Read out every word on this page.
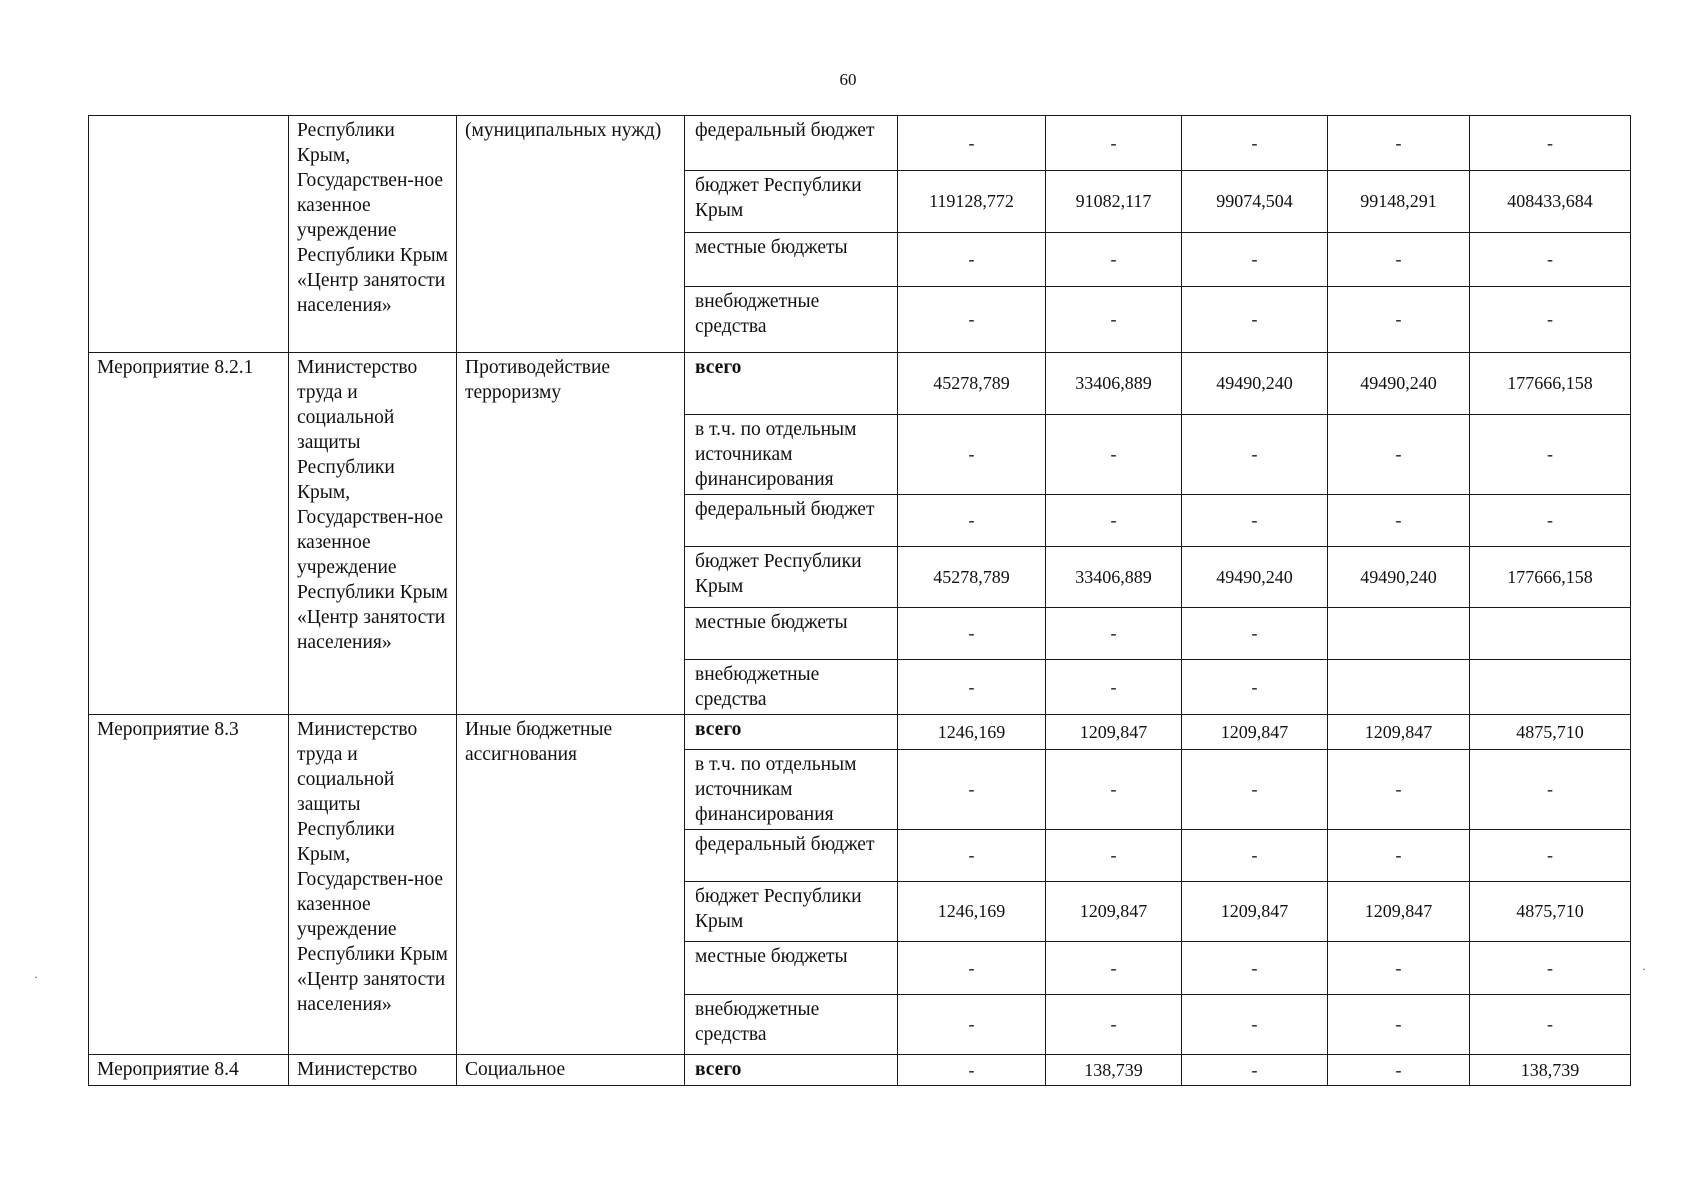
60
	Республики Крым, Государствен-ное казенное учреждение Республики Крым «Центр занятости населения»	(муниципальных нужд)	федеральный бюджет	-	-	-	-	-
			бюджет Республики Крым	119128,772	91082,117	99074,504	99148,291	408433,684
			местные бюджеты	-	-	-	-	-
			внебюджетные средства	-	-	-	-	-
Мероприятие 8.2.1	Министерство труда и социальной защиты Республики Крым, Государствен-ное казенное учреждение Республики Крым «Центр занятости населения»	Противодействие терроризму	всего	45278,789	33406,889	49490,240	49490,240	177666,158
			в т.ч. по отдельным источникам финансирования	-	-	-	-	-
			федеральный бюджет	-	-	-	-	-
			бюджет Республики Крым	45278,789	33406,889	49490,240	49490,240	177666,158
			местные бюджеты	-	-	-		
			внебюджетные средства	-	-	-		
Мероприятие 8.3	Министерство труда и социальной защиты Республики Крым, Государствен-ное казенное учреждение Республики Крым «Центр занятости населения»	Иные бюджетные ассигнования	всего	1246,169	1209,847	1209,847	1209,847	4875,710
			в т.ч. по отдельным источникам финансирования	-	-	-	-	-
			федеральный бюджет	-	-	-	-	-
			бюджет Республики Крым	1246,169	1209,847	1209,847	1209,847	4875,710
			местные бюджеты	-	-	-	-	-
			внебюджетные средства	-	-	-	-	-
Мероприятие 8.4	Министерство	Социальное	всего	-	138,739	-	-	138,739
·
·
